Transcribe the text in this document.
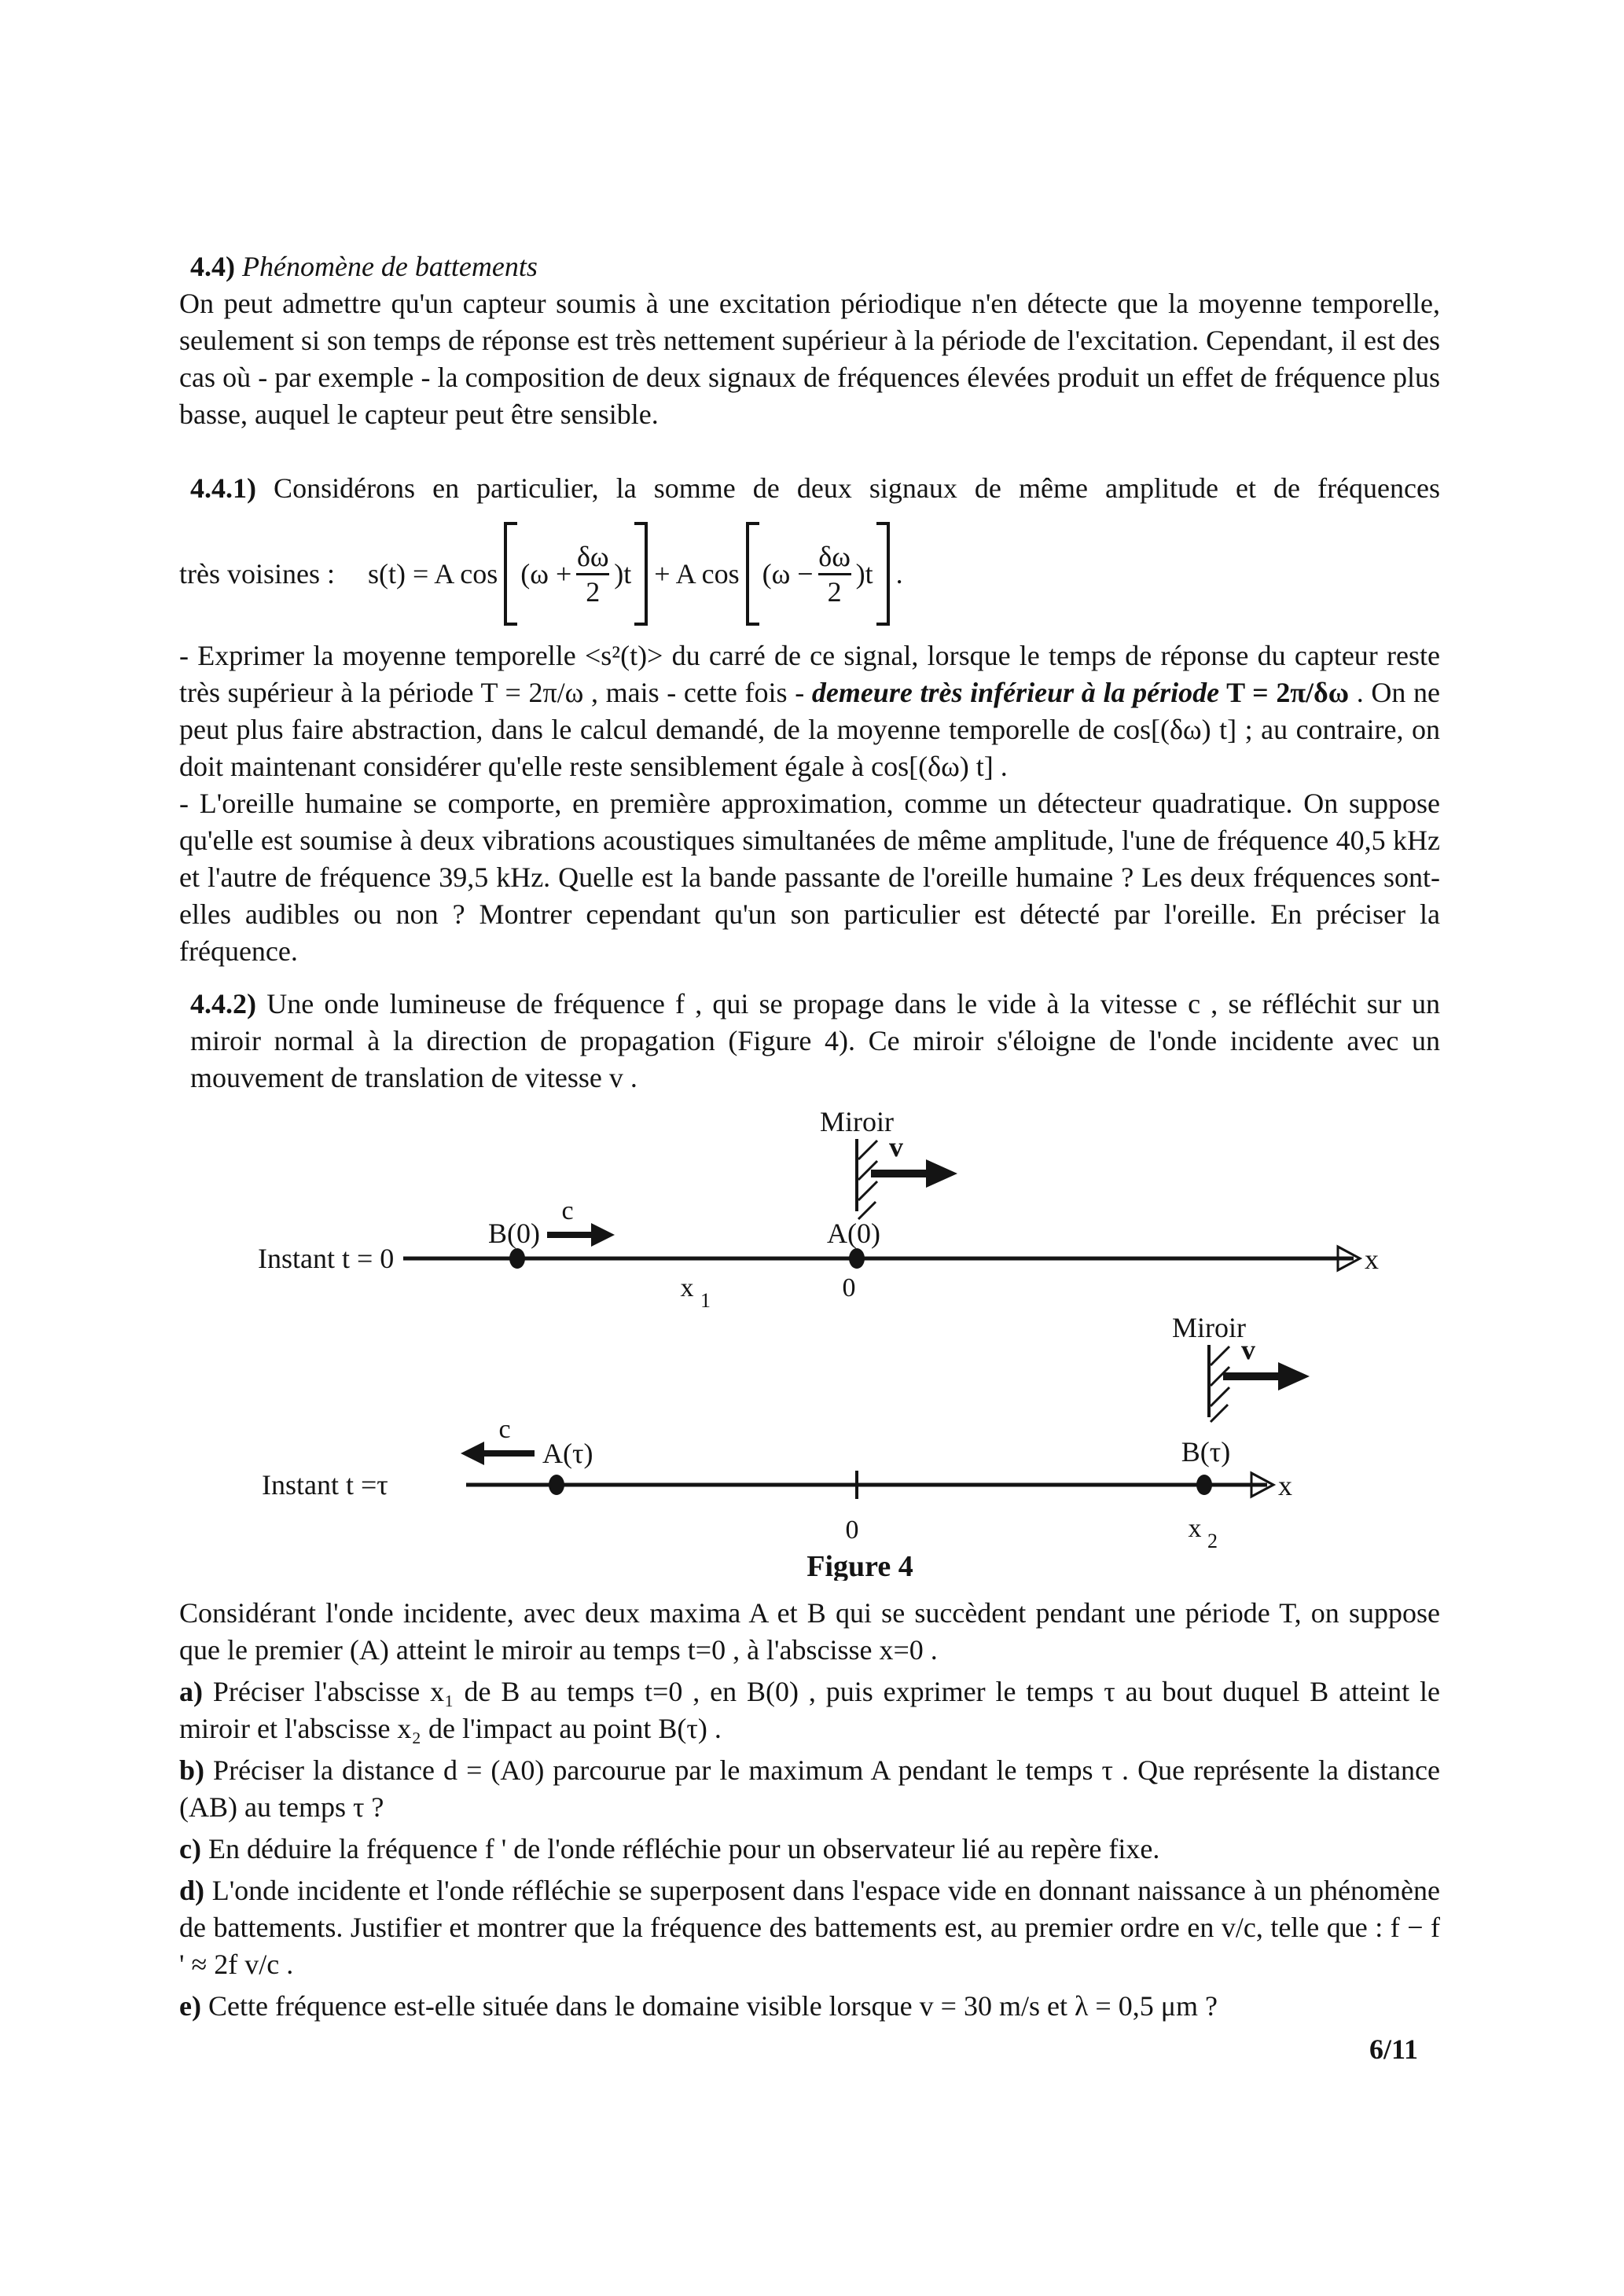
4.4) Phénomène de battements

On peut admettre qu'un capteur soumis à une excitation périodique n'en détecte que la moyenne temporelle, seulement si son temps de réponse est très nettement supérieur à la période de l'excitation. Cependant, il est des cas où - par exemple - la composition de deux signaux de fréquences élevées produit un effet de fréquence plus basse, auquel le capteur peut être sensible.

4.4.1) Considérons en particulier, la somme de deux signaux de même amplitude et de fréquences

très voisines : s(t) = A $\cos (\omega + \frac{\delta\omega}{2} )t + A$ $\cos (\omega - \frac{\delta\omega}{2} )t$ .

- Exprimer la moyenne temporelle <s²(t)> du carré de ce signal, lorsque le temps de réponse du capteur reste très supérieur à la période T = 2π/ω , mais - cette fois - demeure très inférieur à la période T = 2π/δω . On ne peut plus faire abstraction, dans le calcul demandé, de la moyenne temporelle de cos[(δω) t] ; au contraire, on doit maintenant considérer qu'elle reste sensiblement égale à cos[(δω) t] .

- L'oreille humaine se comporte, en première approximation, comme un détecteur quadratique. On suppose qu'elle est soumise à deux vibrations acoustiques simultanées de même amplitude, l'une de fréquence 40,5 kHz et l'autre de fréquence 39,5 kHz. Quelle est la bande passante de l'oreille humaine ? Les deux fréquences sont-elles audibles ou non ? Montrer cependant qu'un son particulier est détecté par l'oreille. En préciser la fréquence.

4.4.2) Une onde lumineuse de fréquence f , qui se propage dans le vide à la vitesse c , se réfléchit sur un miroir normal à la direction de propagation (Figure 4). Ce miroir s'éloigne de l'onde incidente avec un mouvement de translation de vitesse v .

Miroir
v
Instant t = 0	x
B(0)
c
x 1
A(0)
0
Miroir
v
Instant t =τ	x
c
A(τ)
0
B(τ)
x 2
Figure 4

Considérant l'onde incidente, avec deux maxima A et B qui se succèdent pendant une période T, on suppose que le premier (A) atteint le miroir au temps t=0 , à l'abscisse x=0 .

a) Préciser l'abscisse x₁ de B au temps t=0 , en B(0) , puis exprimer le temps τ au bout duquel B atteint le miroir et l'abscisse x₂ de l'impact au point B(τ) .

b) Préciser la distance d = (A0) parcourue par le maximum A pendant le temps τ . Que représente la distance (AB) au temps τ ?

c) En déduire la fréquence f ' de l'onde réfléchie pour un observateur lié au repère fixe.

d) L'onde incidente et l'onde réfléchie se superposent dans l'espace vide en donnant naissance à un phénomène de battements. Justifier et montrer que la fréquence des battements est, au premier ordre en v/c, telle que : f − f ' ≈ 2f v/c .

e) Cette fréquence est-elle située dans le domaine visible lorsque v = 30 m/s et λ = 0,5 μm ?

6/11
